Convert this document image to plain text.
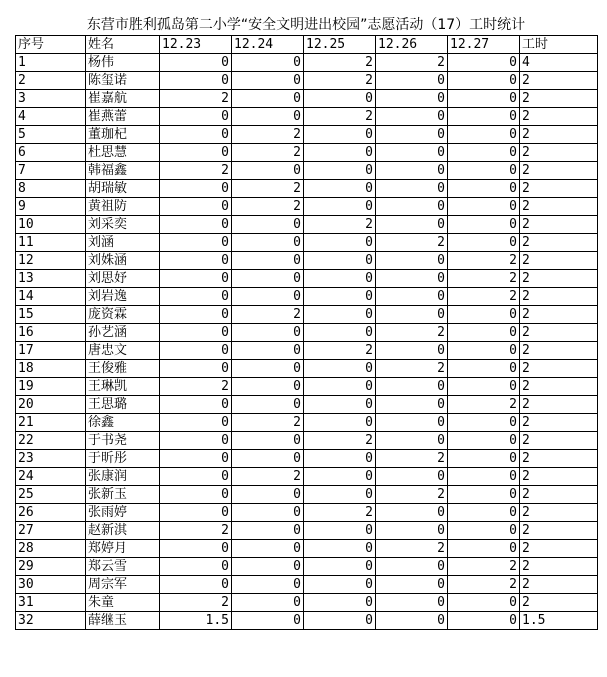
东营市胜利孤岛第二小学“安全文明进出校园”志愿活动（17）工时统计
序号	姓名	12.23	12.24	12.25	12.26	12.27	工时
1	杨伟	0	0	2	2	0	4
2	陈玺诺	0	0	2	0	0	2
3	崔嘉航	2	0	0	0	0	2
4	崔燕蕾	0	0	2	0	0	2
5	董珈杞	0	2	0	0	0	2
6	杜思慧	0	2	0	0	0	2
7	韩福鑫	2	0	0	0	0	2
8	胡瑞敏	0	2	0	0	0	2
9	黄祖防	0	2	0	0	0	2
10	刘采奕	0	0	2	0	0	2
11	刘涵	0	0	0	2	0	2
12	刘姝涵	0	0	0	0	2	2
13	刘思妤	0	0	0	0	2	2
14	刘岩逸	0	0	0	0	2	2
15	庞资霖	0	2	0	0	0	2
16	孙艺涵	0	0	0	2	0	2
17	唐忠文	0	0	2	0	0	2
18	王俊雅	0	0	0	2	0	2
19	王琳凯	2	0	0	0	0	2
20	王思璐	0	0	0	0	2	2
21	徐鑫	0	2	0	0	0	2
22	于书尧	0	0	2	0	0	2
23	于昕彤	0	0	0	2	0	2
24	张康润	0	2	0	0	0	2
25	张新玉	0	0	0	2	0	2
26	张雨婷	0	0	2	0	0	2
27	赵新淇	2	0	0	0	0	2
28	郑婷月	0	0	0	2	0	2
29	郑云雪	0	0	0	0	2	2
30	周宗军	0	0	0	0	2	2
31	朱童	2	0	0	0	0	2
32	薛继玉	1.5	0	0	0	0	1.5
